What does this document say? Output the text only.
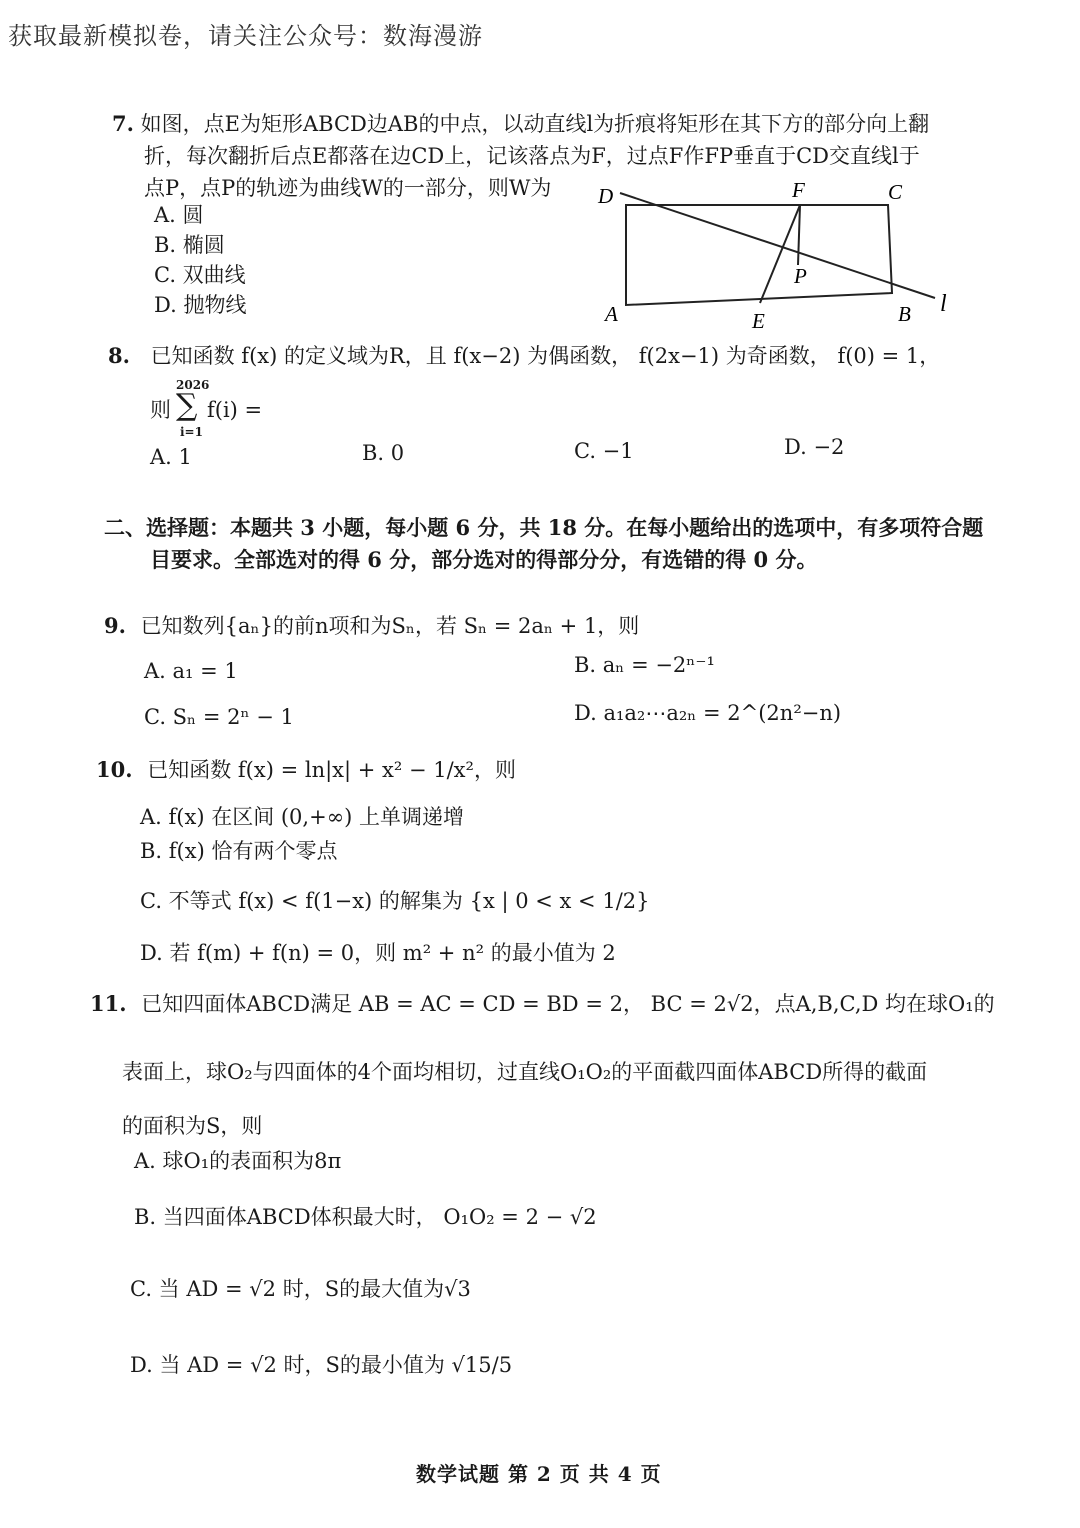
获取最新模拟卷，请关注公众号：数海漫游
7. 如图，点E为矩形ABCD边AB的中点，以动直线l为折痕将矩形在其下方的部分向上翻
折，每次翻折后点E都落在边CD上，记该落点为F，过点F作FP垂直于CD交直线l于
点P，点P的轨迹为曲线W的一部分，则W为
A. 圆
B. 椭圆
C. 双曲线
D. 抛物线
D	F	C
P
A	E	B l
8. 已知函数 f(x) 的定义域为R，且 f(x−2) 为偶函数， f(2x−1) 为奇函数， f(0) = 1，
则
2026
∑
i=1
f(i) =
A. 1	B. 0	C. −1	D. −2
二、选择题：本题共 3 小题，每小题 6 分，共 18 分。在每小题给出的选项中，有多项符合题
目要求。全部选对的得 6 分，部分选对的得部分分，有选错的得 0 分。
9. 已知数列{aₙ}的前n项和为Sₙ，若 Sₙ = 2aₙ + 1，则
A. a₁ = 1	B. aₙ = −2ⁿ⁻¹
C. Sₙ = 2ⁿ − 1	D. a₁a₂⋯a₂ₙ = 2^(2n²−n)
10. 已知函数 f(x) = ln|x| + x² − 1/x²，则
A. f(x) 在区间 (0,+∞) 上单调递增
B. f(x) 恰有两个零点
C. 不等式 f(x) < f(1−x) 的解集为 {x | 0 < x < 1/2}
D. 若 f(m) + f(n) = 0，则 m² + n² 的最小值为 2
11. 已知四面体ABCD满足 AB = AC = CD = BD = 2， BC = 2√2，点A,B,C,D 均在球O₁的
表面上，球O₂与四面体的4个面均相切，过直线O₁O₂的平面截四面体ABCD所得的截面
的面积为S，则
A. 球O₁的表面积为8π
B. 当四面体ABCD体积最大时， O₁O₂ = 2 − √2
C. 当 AD = √2 时，S的最大值为√3
D. 当 AD = √2 时，S的最小值为 √15/5
数学试题 第 2 页 共 4 页
